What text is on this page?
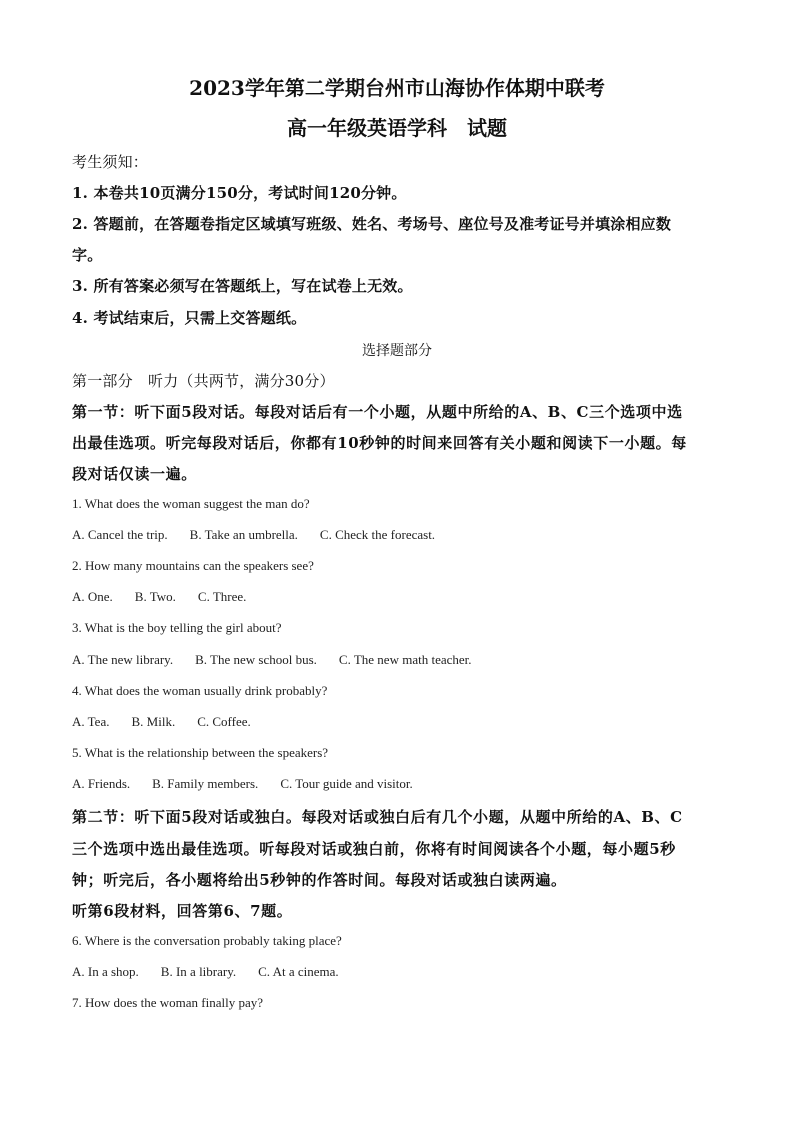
2023学年第二学期台州市山海协作体期中联考
高一年级英语学科　试题
考生须知：
1. 本卷共10页满分150分，考试时间120分钟。
2. 答题前，在答题卷指定区域填写班级、姓名、考场号、座位号及准考证号并填涂相应数
字。
3. 所有答案必须写在答题纸上，写在试卷上无效。
4. 考试结束后，只需上交答题纸。
选择题部分
第一部分　听力（共两节，满分30分）
第一节：听下面5段对话。每段对话后有一个小题，从题中所给的A、B、C三个选项中选
出最佳选项。听完每段对话后，你都有10秒钟的时间来回答有关小题和阅读下一小题。每
段对话仅读一遍。
1. What does the woman suggest the man do?
A. Cancel the trip. B. Take an umbrella. C. Check the forecast.
2. How many mountains can the speakers see?
A. One. B. Two. C. Three.
3. What is the boy telling the girl about?
A. The new library. B. The new school bus. C. The new math teacher.
4. What does the woman usually drink probably?
A. Tea. B. Milk. C. Coffee.
5. What is the relationship between the speakers?
A. Friends. B. Family members. C. Tour guide and visitor.
第二节：听下面5段对话或独白。每段对话或独白后有几个小题，从题中所给的A、B、C
三个选项中选出最佳选项。听每段对话或独白前，你将有时间阅读各个小题，每小题5秒
钟；听完后，各小题将给出5秒钟的作答时间。每段对话或独白读两遍。
听第6段材料，回答第6、7题。
6. Where is the conversation probably taking place?
A. In a shop. B. In a library. C. At a cinema.
7. How does the woman finally pay?
